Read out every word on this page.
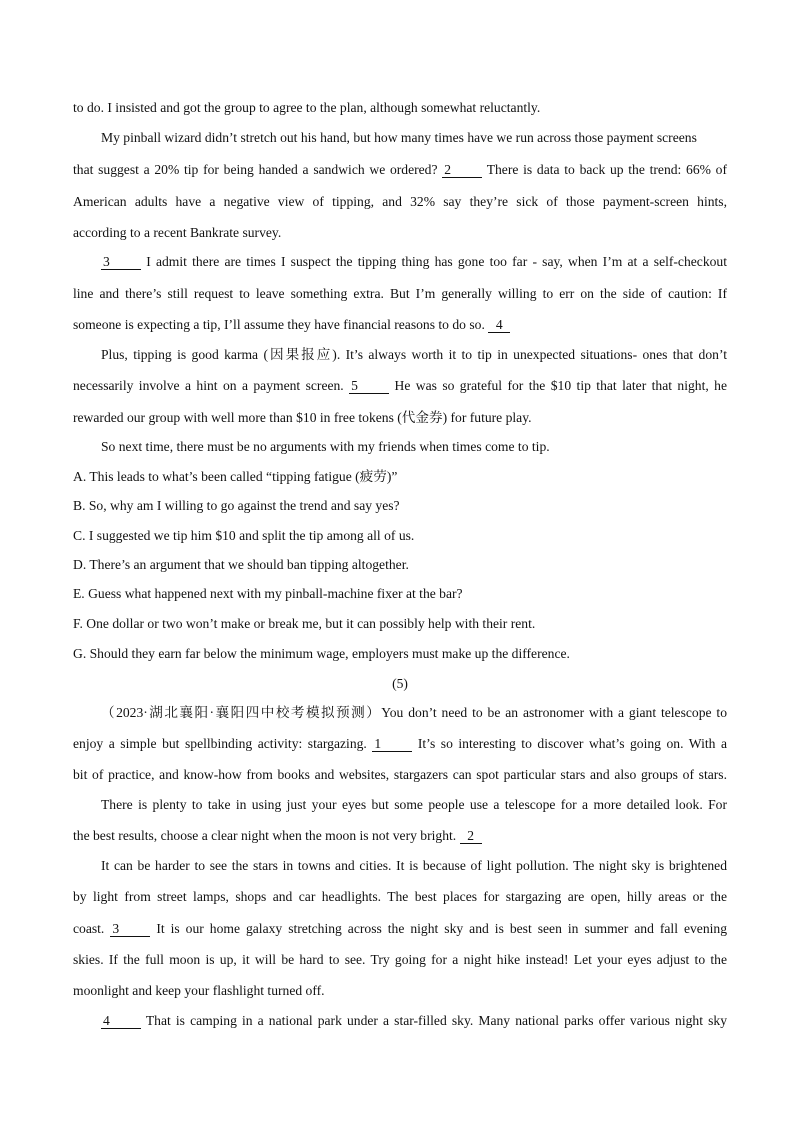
to do. I insisted and got the group to agree to the plan, although somewhat reluctantly.
My pinball wizard didn’t stretch out his hand, but how many times have we run across those payment screens
that suggest a 20% tip for being handed a sandwich we ordered? 2 There is data to back up the trend: 66% of
American adults have a negative view of tipping, and 32% say they’re sick of those payment-screen hints,
according to a recent Bankrate survey.
3 I admit there are times I suspect the tipping thing has gone too far - say, when I’m at a self-checkout
line and there’s still request to leave something extra. But I’m generally willing to err on the side of caution: If
someone is expecting a tip, I’ll assume they have financial reasons to do so. 4
Plus, tipping is good karma (因果报应). It’s always worth it to tip in unexpected situations- ones that don’t
necessarily involve a hint on a payment screen. 5 He was so grateful for the $10 tip that later that night, he
rewarded our group with well more than $10 in free tokens (代金券) for future play.
So next time, there must be no arguments with my friends when times come to tip.
A. This leads to what’s been called “tipping fatigue (疲劳)”
B. So, why am I willing to go against the trend and say yes?
C. I suggested we tip him $10 and split the tip among all of us.
D. There’s an argument that we should ban tipping altogether.
E. Guess what happened next with my pinball-machine fixer at the bar?
F. One dollar or two won’t make or break me, but it can possibly help with their rent.
G. Should they earn far below the minimum wage, employers must make up the difference.
(5)
（2023·湖北襄阳·襄阳四中校考模拟预测）You don’t need to be an astronomer with a giant telescope to
enjoy a simple but spellbinding activity: stargazing. 1 It’s so interesting to discover what’s going on. With a
bit of practice, and know-how from books and websites, stargazers can spot particular stars and also groups of stars.
There is plenty to take in using just your eyes but some people use a telescope for a more detailed look. For
the best results, choose a clear night when the moon is not very bright. 2
It can be harder to see the stars in towns and cities. It is because of light pollution. The night sky is brightened
by light from street lamps, shops and car headlights. The best places for stargazing are open, hilly areas or the
coast. 3 It is our home galaxy stretching across the night sky and is best seen in summer and fall evening
skies. If the full moon is up, it will be hard to see. Try going for a night hike instead! Let your eyes adjust to the
moonlight and keep your flashlight turned off.
4 That is camping in a national park under a star-filled sky. Many national parks offer various night sky
